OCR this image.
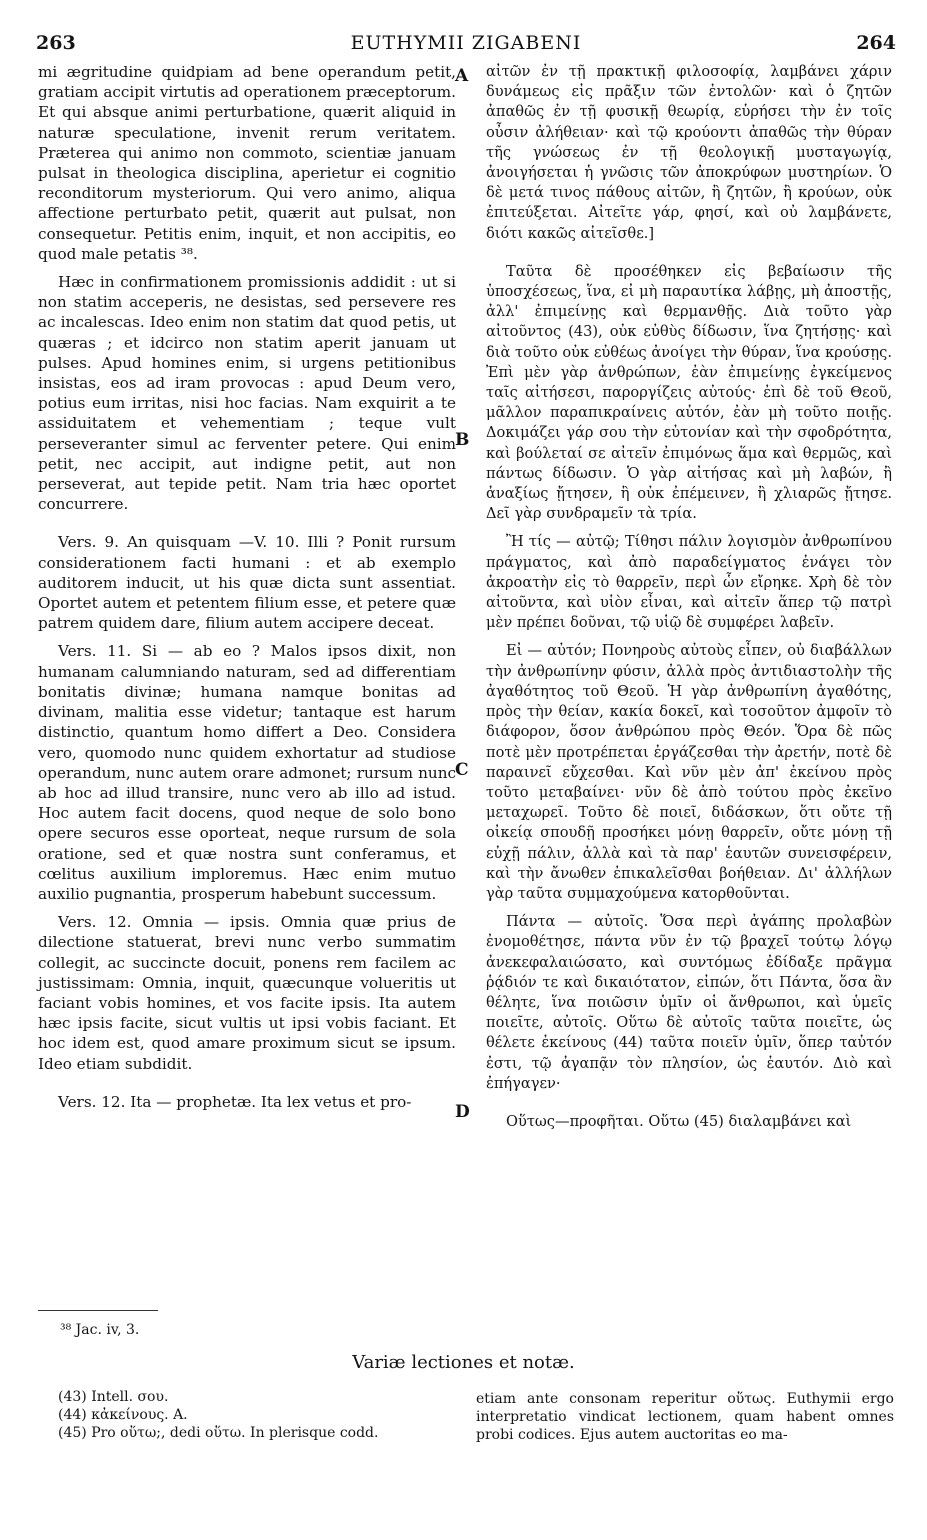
263	EUTHYMII ZIGABENI	264

mi ægritudine quidpiam ad bene operandum petit, gratiam accipit virtutis ad operationem præceptorum. Et qui absque animi perturbatione, quærit aliquid in naturæ speculatione, invenit rerum veritatem. Præterea qui animo non commoto, scientiæ januam pulsat in theologica disciplina, aperietur ei cognitio reconditorum mysteriorum. Qui vero animo, aliqua affectione perturbato petit, quærit aut pulsat, non consequetur. Petitis enim, inquit, et non accipitis, eo quod male petatis ³⁸.

Hæc in confirmationem promissionis addidit : ut si non statim acceperis, ne desistas, sed persevere res ac incalescas. Ideo enim non statim dat quod petis, ut quæras ; et idcirco non statim aperit januam ut pulses. Apud homines enim, si urgens petitionibus insistas, eos ad iram provocas : apud Deum vero, potius eum irritas, nisi hoc facias. Nam exquirit a te assiduitatem et vehementiam ; teque vult perseveranter simul ac ferventer petere. Qui enim petit, nec accipit, aut indigne petit, aut non perseverat, aut tepide petit. Nam tria hæc oportet concurrere.

Vers. 9. An quisquam —V. 10. Illi ? Ponit rursum considerationem facti humani : et ab exemplo auditorem inducit, ut his quæ dicta sunt assentiat. Oportet autem et petentem filium esse, et petere quæ patrem quidem dare, filium autem accipere deceat.

Vers. 11. Si — ab eo ? Malos ipsos dixit, non humanam calumniando naturam, sed ad differentiam bonitatis divinæ; humana namque bonitas ad divinam, malitia esse videtur; tantaque est harum distinctio, quantum homo differt a Deo. Considera vero, quomodo nunc quidem exhortatur ad studiose operandum, nunc autem orare admonet; rursum nunc ab hoc ad illud transire, nunc vero ab illo ad istud. Hoc autem facit docens, quod neque de solo bono opere securos esse oporteat, neque rursum de sola oratione, sed et quæ nostra sunt conferamus, et cœlitus auxilium imploremus. Hæc enim mutuo auxilio pugnantia, prosperum habebunt successum.

Vers. 12. Omnia — ipsis. Omnia quæ prius de dilectione statuerat, brevi nunc verbo summatim collegit, ac succincte docuit, ponens rem facilem ac justissimam: Omnia, inquit, quæcunque volueritis ut faciant vobis homines, et vos facite ipsis. Ita autem hæc ipsis facite, sicut vultis ut ipsi vobis faciant. Et hoc idem est, quod amare proximum sicut se ipsum. Ideo etiam subdidit.

Vers. 12. Ita — prophetæ. Ita lex vetus et pro-

αἰτῶν ἐν τῇ πρακτικῇ φιλοσοφίᾳ, λαμβάνει χάριν δυνάμεως εἰς πρᾶξιν τῶν ἐντολῶν· καὶ ὁ ζητῶν ἀπαθῶς ἐν τῇ φυσικῇ θεωρίᾳ, εὑρήσει τὴν ἐν τοῖς οὖσιν ἀλήθειαν· καὶ τῷ κρούοντι ἀπαθῶς τὴν θύραν τῆς γνώσεως ἐν τῇ θεολογικῇ μυσταγωγίᾳ, ἀνοιγήσεται ἡ γνῶσις τῶν ἀποκρύφων μυστηρίων. Ὁ δὲ μετά τινος πάθους αἰτῶν, ἢ ζητῶν, ἢ κρούων, οὐκ ἐπιτεύξεται. Αἰτεῖτε γάρ, φησί, καὶ οὐ λαμβάνετε, διότι κακῶς αἰτεῖσθε.]

Ταῦτα δὲ προσέθηκεν εἰς βεβαίωσιν τῆς ὑποσχέσεως, ἵνα, εἰ μὴ παραυτίκα λάβῃς, μὴ ἀποστῇς, ἀλλ' ἐπιμείνῃς καὶ θερμανθῇς. Διὰ τοῦτο γὰρ αἰτοῦντος (43), οὐκ εὐθὺς δίδωσιν, ἵνα ζητήσῃς· καὶ διὰ τοῦτο οὐκ εὐθέως ἀνοίγει τὴν θύραν, ἵνα κρούσῃς. Ἐπὶ μὲν γὰρ ἀνθρώπων, ἐὰν ἐπιμείνῃς ἐγκείμενος ταῖς αἰτήσεσι, παροργίζεις αὐτούς· ἐπὶ δὲ τοῦ Θεοῦ, μᾶλλον παραπικραίνεις αὐτόν, ἐὰν μὴ τοῦτο ποιῇς. Δοκιμάζει γάρ σου τὴν εὐτονίαν καὶ τὴν σφοδρότητα, καὶ βούλεταί σε αἰτεῖν ἐπιμόνως ἅμα καὶ θερμῶς, καὶ πάντως δίδωσιν. Ὁ γὰρ αἰτήσας καὶ μὴ λαβών, ἢ ἀναξίως ᾔτησεν, ἢ οὐκ ἐπέμεινεν, ἢ χλιαρῶς ᾔτησε. Δεῖ γὰρ συνδραμεῖν τὰ τρία.

Ἢ τίς — αὐτῷ; Τίθησι πάλιν λογισμὸν ἀνθρωπίνου πράγματος, καὶ ἀπὸ παραδείγματος ἐνάγει τὸν ἀκροατὴν εἰς τὸ θαρρεῖν, περὶ ὧν εἴρηκε. Χρὴ δὲ τὸν αἰτοῦντα, καὶ υἱὸν εἶναι, καὶ αἰτεῖν ἅπερ τῷ πατρὶ μὲν πρέπει δοῦναι, τῷ υἱῷ δὲ συμφέρει λαβεῖν.

Εἰ — αὐτόν; Πονηροὺς αὐτοὺς εἶπεν, οὐ διαβάλλων τὴν ἀνθρωπίνην φύσιν, ἀλλὰ πρὸς ἀντιδιαστολὴν τῆς ἀγαθότητος τοῦ Θεοῦ. Ἡ γὰρ ἀνθρωπίνη ἀγαθότης, πρὸς τὴν θείαν, κακία δοκεῖ, καὶ τοσοῦτον ἀμφοῖν τὸ διάφορον, ὅσον ἀνθρώπου πρὸς Θεόν. Ὅρα δὲ πῶς ποτὲ μὲν προτρέπεται ἐργάζεσθαι τὴν ἀρετήν, ποτὲ δὲ παραινεῖ εὔχεσθαι. Καὶ νῦν μὲν ἀπ' ἐκείνου πρὸς τοῦτο μεταβαίνει· νῦν δὲ ἀπὸ τούτου πρὸς ἐκεῖνο μεταχωρεῖ. Τοῦτο δὲ ποιεῖ, διδάσκων, ὅτι οὔτε τῇ οἰκείᾳ σπουδῇ προσήκει μόνῃ θαρρεῖν, οὔτε μόνῃ τῇ εὐχῇ πάλιν, ἀλλὰ καὶ τὰ παρ' ἑαυτῶν συνεισφέρειν, καὶ τὴν ἄνωθεν ἐπικαλεῖσθαι βοήθειαν. Δι' ἀλλήλων γὰρ ταῦτα συμμαχούμενα κατορθοῦνται.

Πάντα — αὐτοῖς. Ὅσα περὶ ἀγάπης προλαβὼν ἐνομοθέτησε, πάντα νῦν ἐν τῷ βραχεῖ τούτῳ λόγῳ ἀνεκεφαλαιώσατο, καὶ συντόμως ἐδίδαξε πρᾶγμα ῥᾴδιόν τε καὶ δικαιότατον, εἰπών, ὅτι Πάντα, ὅσα ἂν θέλητε, ἵνα ποιῶσιν ὑμῖν οἱ ἄνθρωποι, καὶ ὑμεῖς ποιεῖτε, αὐτοῖς. Οὕτω δὲ αὐτοῖς ταῦτα ποιεῖτε, ὡς θέλετε ἐκείνους (44) ταῦτα ποιεῖν ὑμῖν, ὅπερ ταὐτόν ἐστι, τῷ ἀγαπᾷν τὸν πλησίον, ὡς ἑαυτόν. Διὸ καὶ ἐπήγαγεν·

Οὕτως—προφῆται. Οὕτω (45) διαλαμβάνει καὶ

A
B
C
D
³⁸ Jac. iv, 3.
Variæ lectiones et notæ.
(43) Intell. σου.
(44) κἀκείνους. A.
(45) Pro οὕτω;, dedi οὕτω. In plerisque codd.
etiam ante consonam reperitur οὕτως. Euthymii ergo interpretatio vindicat lectionem, quam habent omnes probi codices. Ejus autem auctoritas eo ma-
